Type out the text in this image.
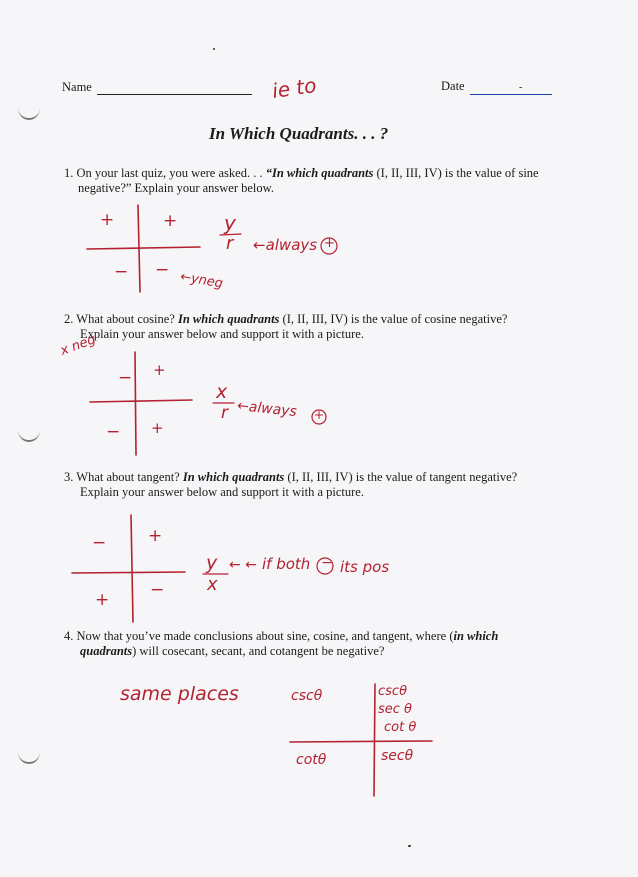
Name	ie to	Date	-
In Which Quadrants. . . ?
1. On your last quiz, you were asked. . . “In which quadrants (I, II, III, IV) is the value of sine
negative?” Explain your answer below.
2. What about cosine? In which quadrants (I, II, III, IV) is the value of cosine negative?
Explain your answer below and support it with a picture.
3. What about tangent? In which quadrants (I, II, III, IV) is the value of tangent negative?
Explain your answer below and support it with a picture.
4. Now that you’ve made conclusions about sine, cosine, and tangent, where (in which
quadrants) will cosecant, secant, and cotangent be negative?
+	+
− −
y
r ←always +
←yneg
x neg
− +
− +
x
r ←always +
− +
+ −
y
x
← ← if both − its pos
same places	cscθ	cscθ
sec θ
cot θ
cotθ	secθ
